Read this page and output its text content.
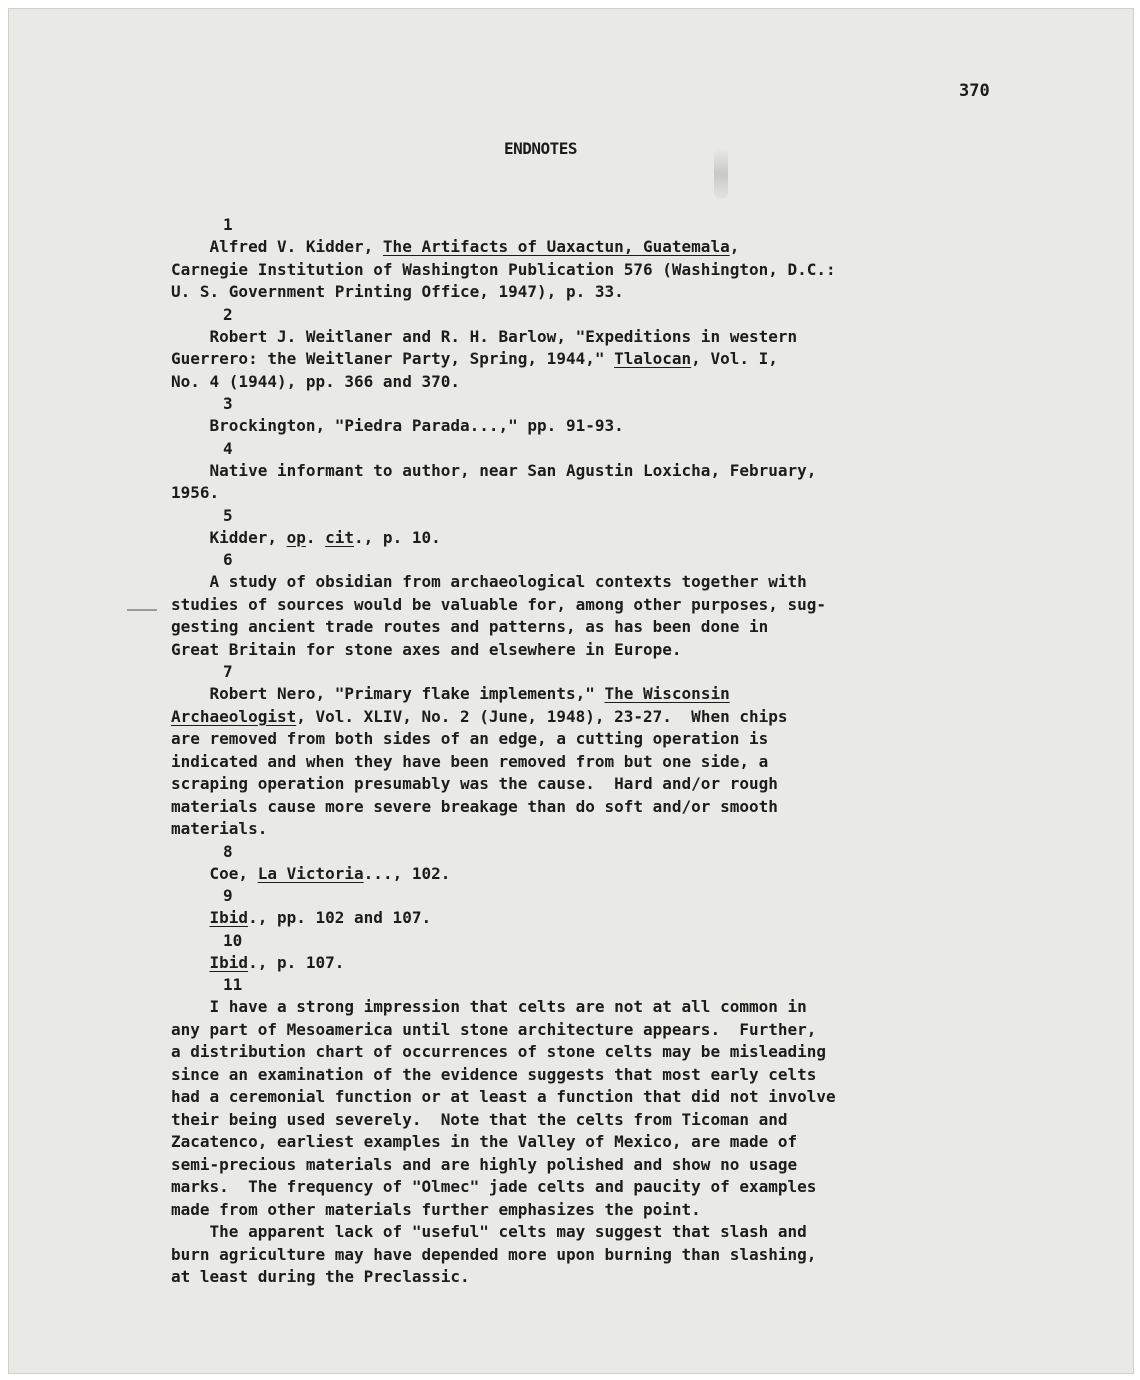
370
ENDNOTES
1

Alfred V. Kidder, The Artifacts of Uaxactun, Guatemala,

Carnegie Institution of Washington Publication 576 (Washington, D.C.:

U. S. Government Printing Office, 1947), p. 33.

2

Robert J. Weitlaner and R. H. Barlow, "Expeditions in western

Guerrero: the Weitlaner Party, Spring, 1944," Tlalocan, Vol. I,

No. 4 (1944), pp. 366 and 370.

3

Brockington, "Piedra Parada...," pp. 91-93.

4

Native informant to author, near San Agustin Loxicha, February,

1956.

5

Kidder, op. cit., p. 10.

6

A study of obsidian from archaeological contexts together with

studies of sources would be valuable for, among other purposes, sug-

gesting ancient trade routes and patterns, as has been done in

Great Britain for stone axes and elsewhere in Europe.

7

Robert Nero, "Primary flake implements," The Wisconsin

Archaeologist, Vol. XLIV, No. 2 (June, 1948), 23-27.  When chips

are removed from both sides of an edge, a cutting operation is

indicated and when they have been removed from but one side, a

scraping operation presumably was the cause.  Hard and/or rough

materials cause more severe breakage than do soft and/or smooth

materials.

8

Coe, La Victoria..., 102.

9

Ibid., pp. 102 and 107.

10

Ibid., p. 107.

11

I have a strong impression that celts are not at all common in

any part of Mesoamerica until stone architecture appears.  Further,

a distribution chart of occurrences of stone celts may be misleading

since an examination of the evidence suggests that most early celts

had a ceremonial function or at least a function that did not involve

their being used severely.  Note that the celts from Ticoman and

Zacatenco, earliest examples in the Valley of Mexico, are made of

semi-precious materials and are highly polished and show no usage

marks.  The frequency of "Olmec" jade celts and paucity of examples

made from other materials further emphasizes the point.

The apparent lack of "useful" celts may suggest that slash and

burn agriculture may have depended more upon burning than slashing,

at least during the Preclassic.
